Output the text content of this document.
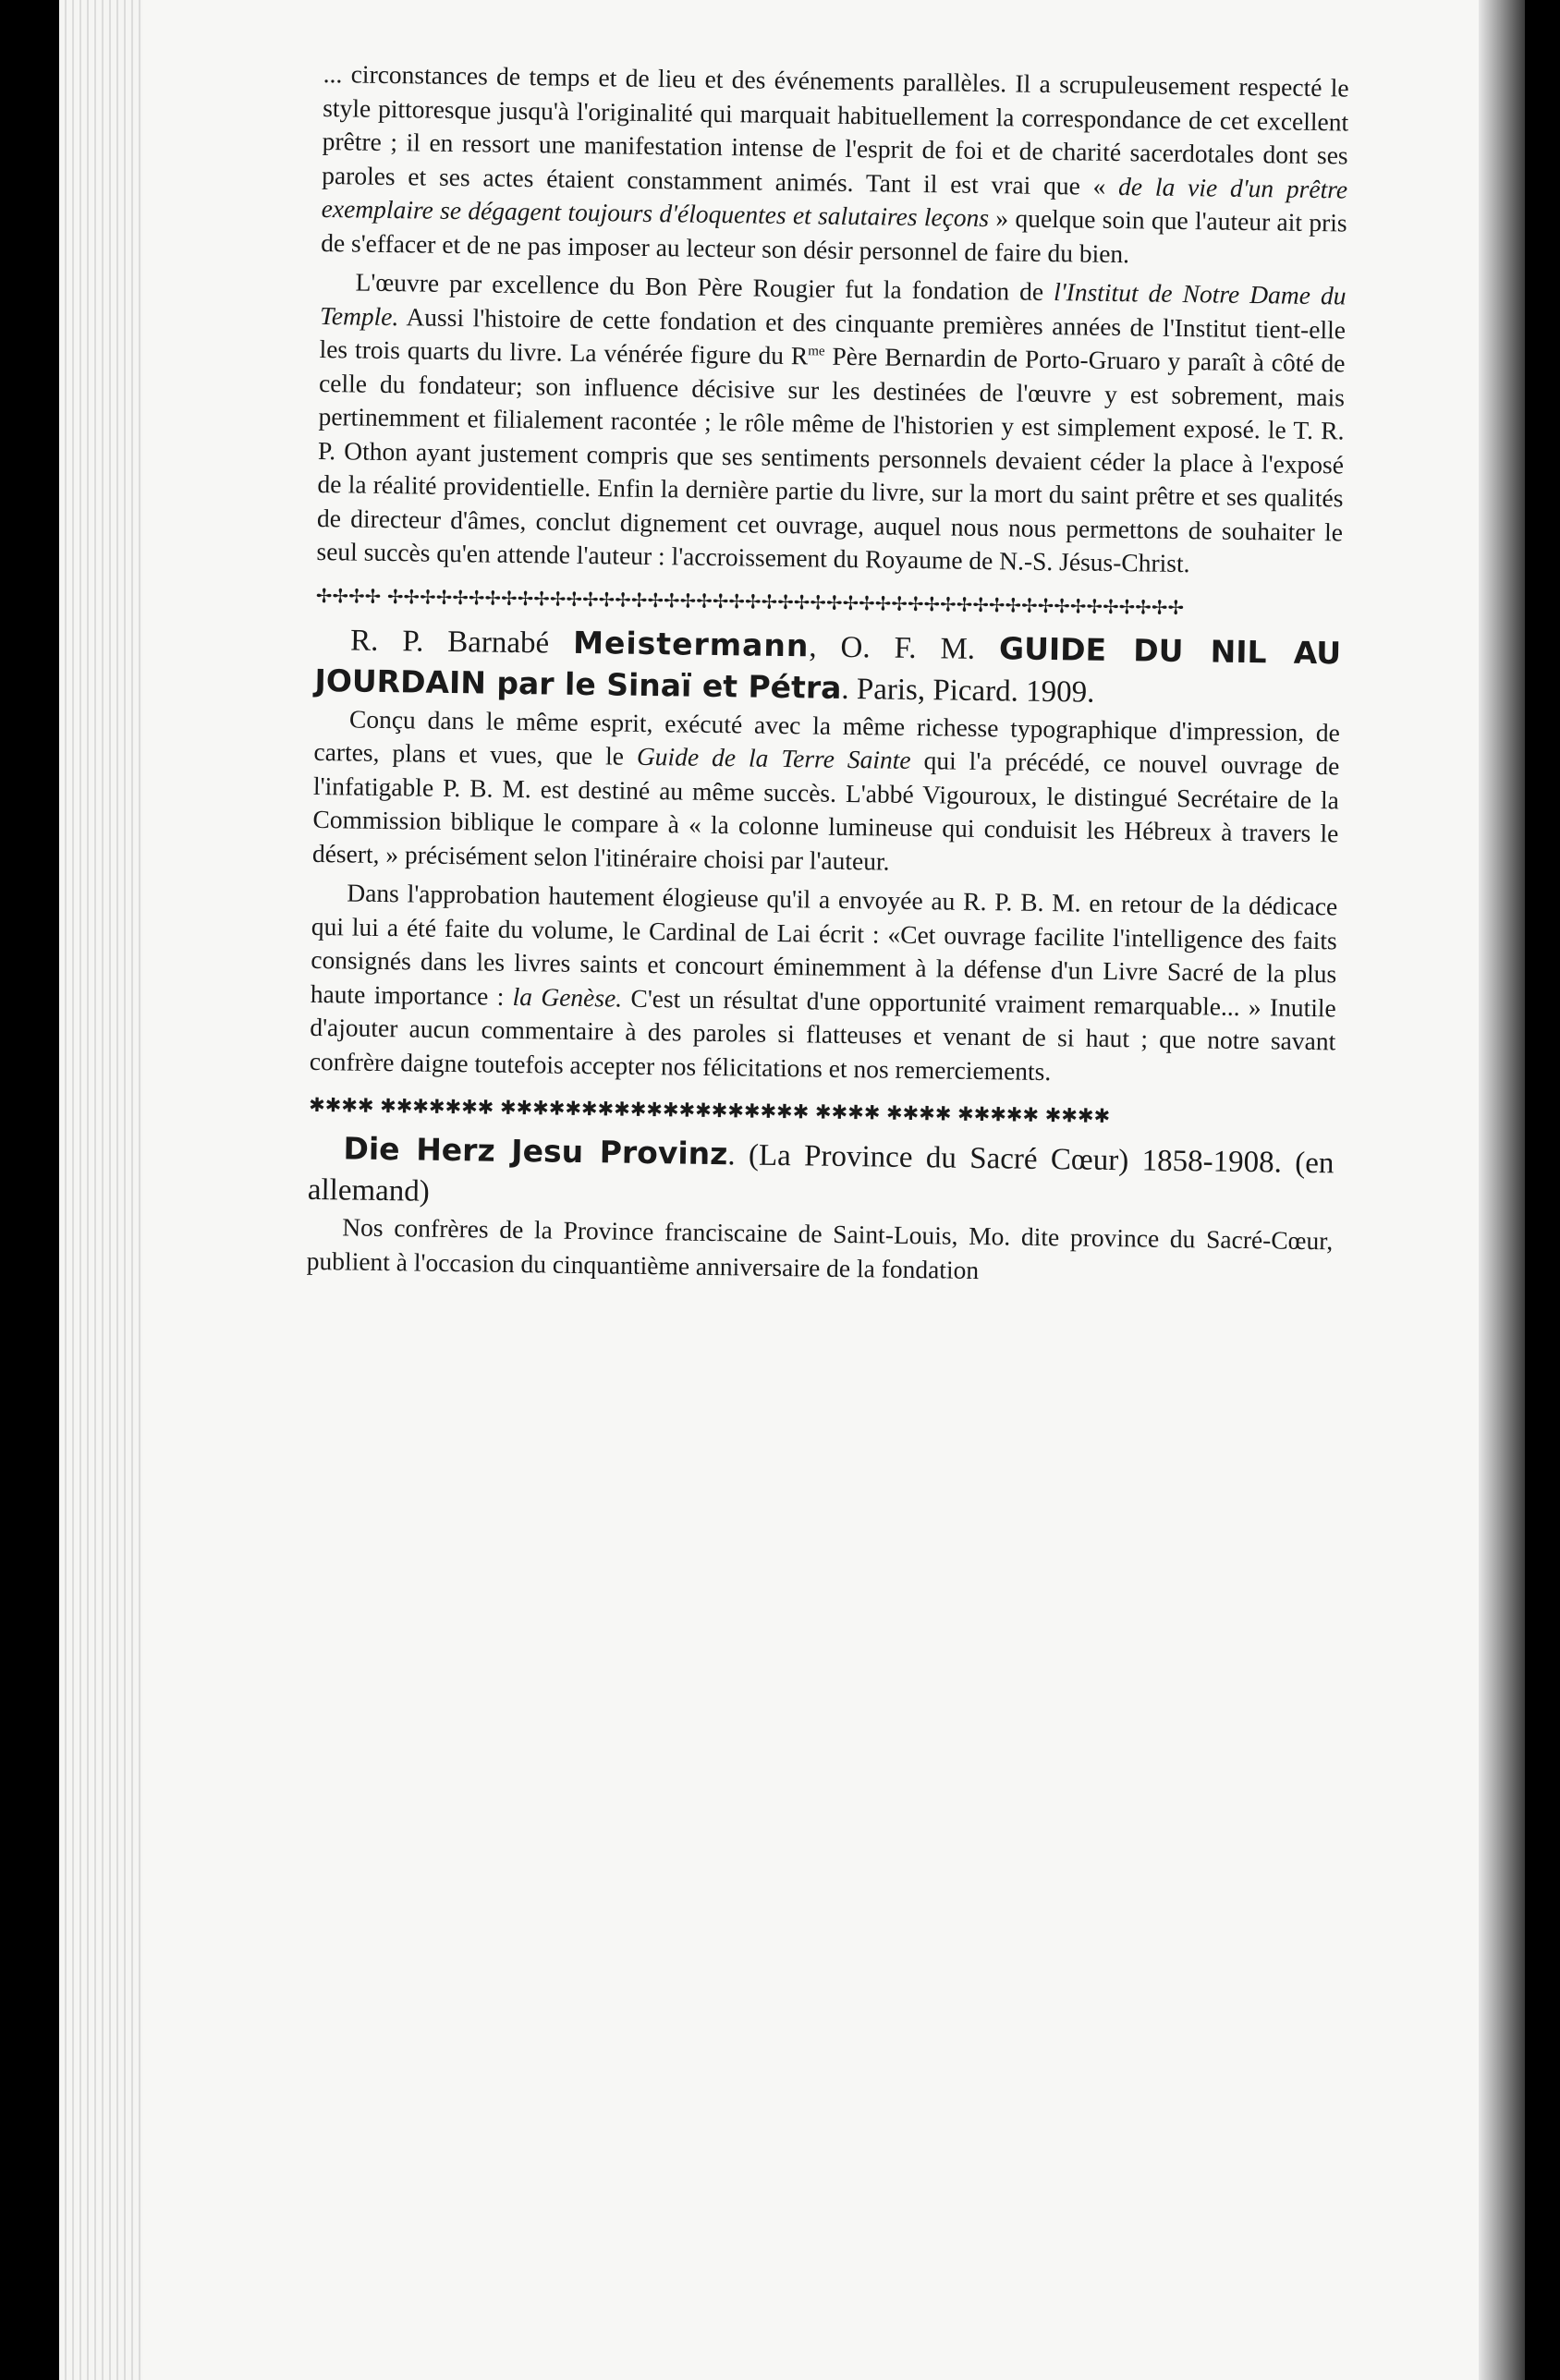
... circonstances de temps et de lieu et des événements parallèles. Il a scrupuleusement respecté le style pittoresque jusqu'à l'originalité qui marquait habituellement la correspondance de cet excellent prêtre ; il en ressort une manifestation intense de l'esprit de foi et de charité sacerdotales dont ses paroles et ses actes étaient constamment animés. Tant il est vrai que « de la vie d'un prêtre exemplaire se dégagent toujours d'éloquentes et salutaires leçons » quelque soin que l'auteur ait pris de s'effacer et de ne pas imposer au lecteur son désir personnel de faire du bien.

L'œuvre par excellence du Bon Père Rougier fut la fondation de l'Institut de Notre Dame du Temple. Aussi l'histoire de cette fondation et des cinquante premières années de l'Institut tient-elle les trois quarts du livre. La vénérée figure du $R^{me}$ Père Bernardin de Porto-Gruaro y paraît à côté de celle du fondateur; son influence décisive sur les destinées de l'œuvre y est sobrement, mais pertinemment et filialement racontée ; le rôle même de l'historien y est simplement exposé. le T. R. P. Othon ayant justement compris que ses sentiments personnels devaient céder la place à l'exposé de la réalité providentielle. Enfin la dernière partie du livre, sur la mort du saint prêtre et ses qualités de directeur d'âmes, conclut dignement cet ouvrage, auquel nous nous permettons de souhaiter le seul succès qu'en attende l'auteur : l'accroissement du Royaume de N.-S. Jésus-Christ.

✢✢✢✢ ✢✢✢✢✢✢✢✢✢✢✢✢✢✢✢✢✢✢✢✢✢✢✢✢✢✢✢✢✢✢✢✢✢✢✢✢✢✢✢✢✢✢✢✢✢✢✢✢✢

R. P. Barnabé Meistermann, O. F. M. GUIDE DU NIL AU JOURDAIN par le Sinaï et Pétra. Paris, Picard. 1909.

Conçu dans le même esprit, exécuté avec la même richesse typographique d'impression, de cartes, plans et vues, que le Guide de la Terre Sainte qui l'a précédé, ce nouvel ouvrage de l'infatigable P. B. M. est destiné au même succès. L'abbé Vigouroux, le distingué Secrétaire de la Commission biblique le compare à « la colonne lumineuse qui conduisit les Hébreux à travers le désert, » précisément selon l'itinéraire choisi par l'auteur.

Dans l'approbation hautement élogieuse qu'il a envoyée au R. P. B. M. en retour de la dédicace qui lui a été faite du volume, le Cardinal de Lai écrit : «Cet ouvrage facilite l'intelligence des faits consignés dans les livres saints et concourt éminemment à la défense d'un Livre Sacré de la plus haute importance : la Genèse. C'est un résultat d'une opportunité vraiment remarquable... » Inutile d'ajouter aucun commentaire à des paroles si flatteuses et venant de si haut ; que notre savant confrère daigne toutefois accepter nos félicitations et nos remerciements.

✱✱✱✱ ✱✱✱✱✱✱✱ ✱✱✱✱✱✱✱✱✱✱✱✱✱✱✱✱✱✱✱ ✱✱✱✱ ✱✱✱✱ ✱✱✱✱✱ ✱✱✱✱

Die Herz Jesu Provinz. (La Province du Sacré Cœur) 1858-1908. (en allemand)

Nos confrères de la Province franciscaine de Saint-Louis, Mo. dite province du Sacré-Cœur, publient à l'occasion du cinquantième anniversaire de la fondation
